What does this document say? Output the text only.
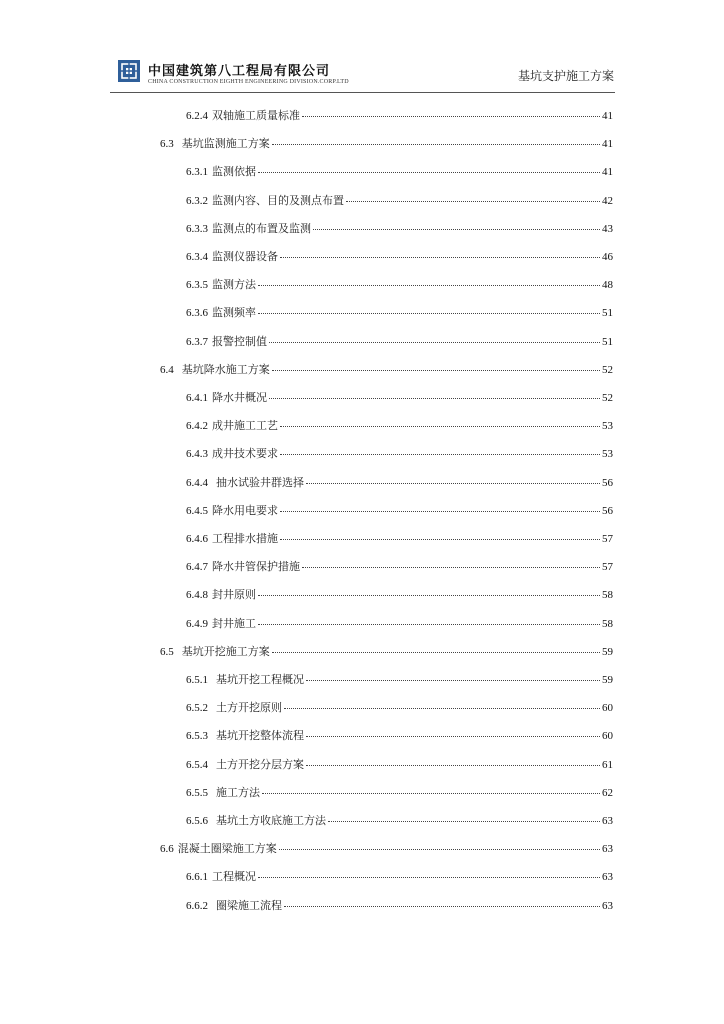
中国建筑第八工程局有限公司
CHINA CONSTRUCTION EIGHTH ENGINEERING DIVISION.CORP.LTD	基坑支护施工方案
6.2.4 双轴施工质量标准	41
6.3 基坑监测施工方案	41
6.3.1 监测依据	41
6.3.2 监测内容、目的及测点布置	42
6.3.3 监测点的布置及监测	43
6.3.4 监测仪器设备	46
6.3.5 监测方法	48
6.3.6 监测频率	51
6.3.7 报警控制值	51
6.4 基坑降水施工方案	52
6.4.1 降水井概况	52
6.4.2 成井施工工艺	53
6.4.3 成井技术要求	53
6.4.4 抽水试验井群选择	56
6.4.5 降水用电要求	56
6.4.6 工程排水措施	57
6.4.7 降水井管保护措施	57
6.4.8 封井原则	58
6.4.9 封井施工	58
6.5 基坑开挖施工方案	59
6.5.1 基坑开挖工程概况	59
6.5.2 土方开挖原则	60
6.5.3 基坑开挖整体流程	60
6.5.4 土方开挖分层方案	61
6.5.5 施工方法	62
6.5.6 基坑土方收底施工方法	63
6.6 混凝土圈梁施工方案	63
6.6.1 工程概况	63
6.6.2 圈梁施工流程	63
